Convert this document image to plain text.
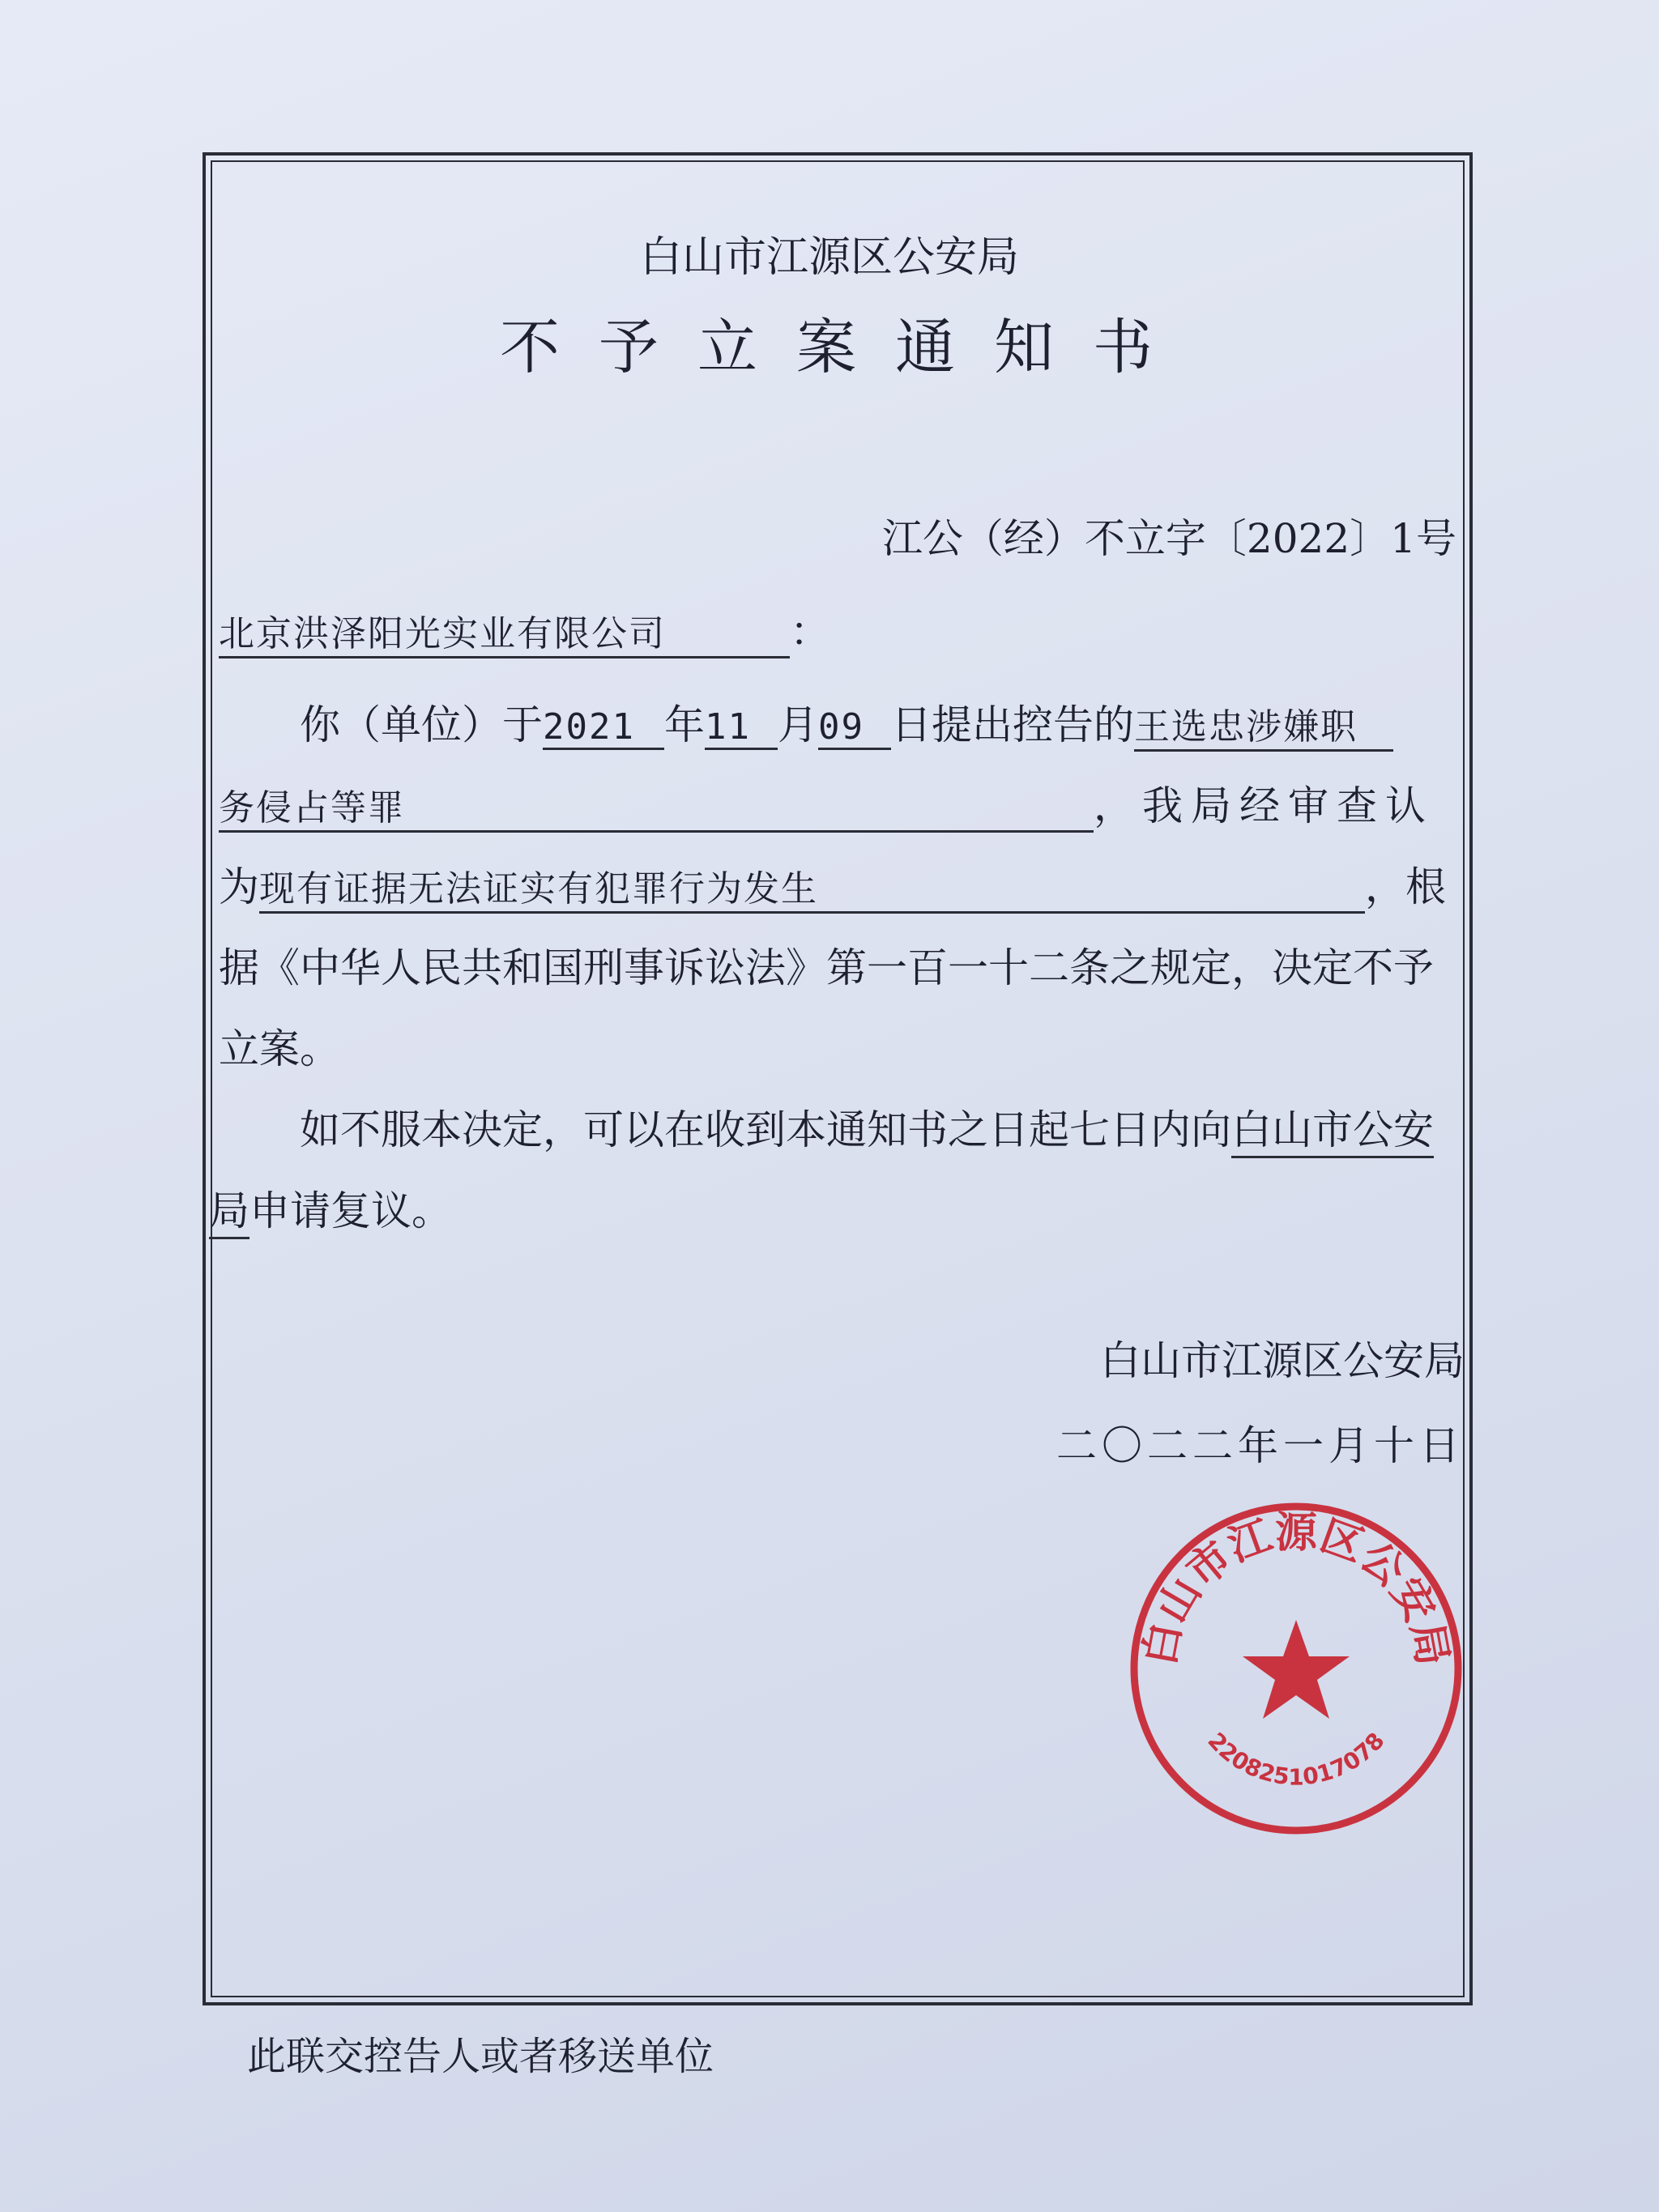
白山市江源区公安局
不予立案通知书
江公（经）不立字〔2022〕1号
北京洪泽阳光实业有限公司	：
你（单位）于2021 年11 月09 日提出控告的王选忠涉嫌职
务侵占等罪	，我局经审查认
为现有证据无法证实有犯罪行为发生	，根
据《中华人民共和国刑事诉讼法》第一百一十二条之规定，决定不予
立案。
如不服本决定，可以在收到本通知书之日起七日内向白山市公安
局申请复议。
白山市江源区公安局
二〇二二年一月十日
白山市江源区公安局
2208251017078
此联交控告人或者移送单位
